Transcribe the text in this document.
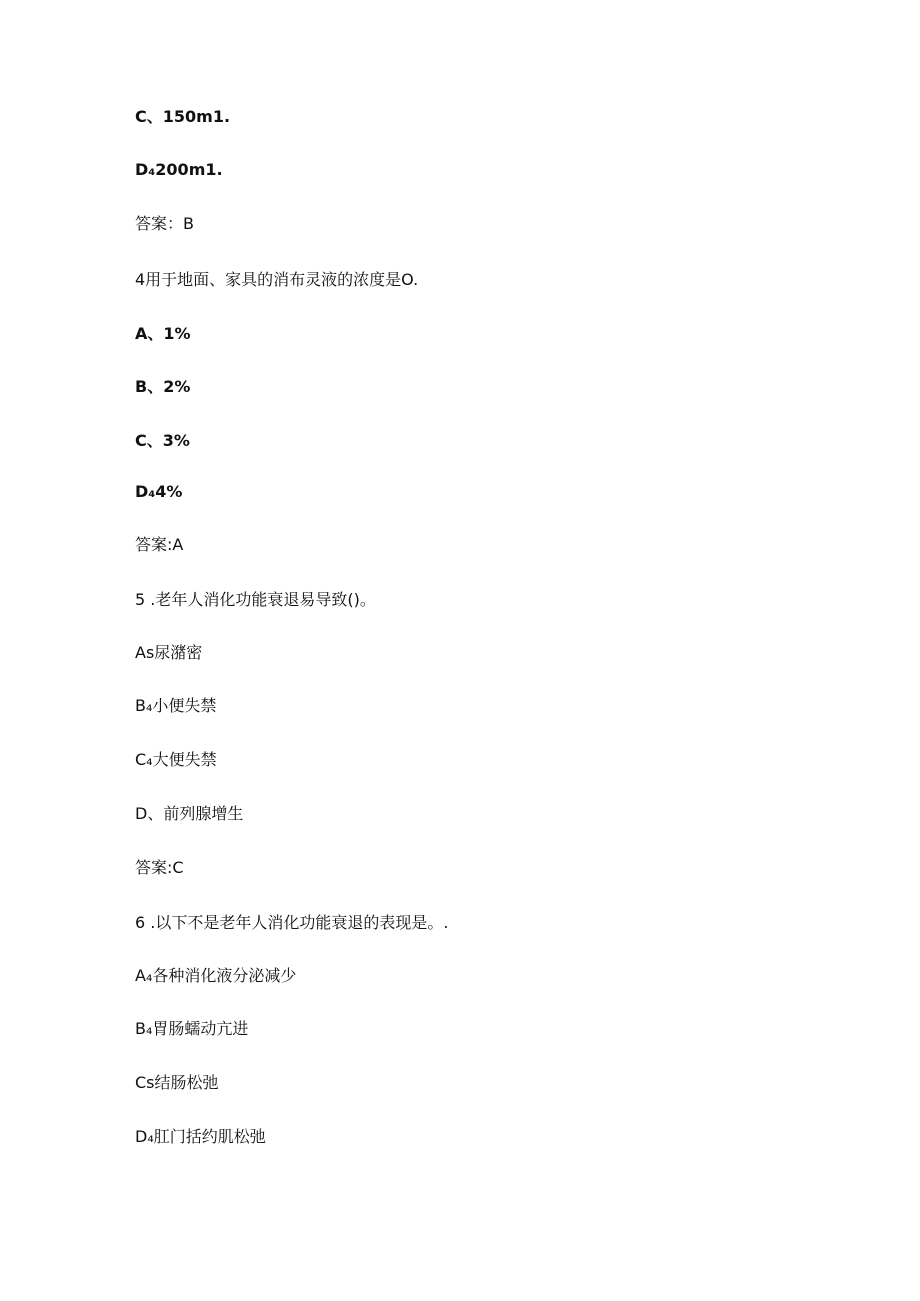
C、150m1.
D₄200m1.
答案：B
4用于地面、家具的消布灵液的浓度是O.
A、1%
B、2%
C、3%
D₄4%
答案:A
5 .老年人消化功能衰退易导致()。
As尿潴密
B₄小便失禁
C₄大便失禁
D、前列腺增生
答案:C
6 .以下不是老年人消化功能衰退的表现是。.
A₄各种消化液分泌减少
B₄胃肠蠕动亢进
Cs结肠松弛
D₄肛门括约肌松弛
